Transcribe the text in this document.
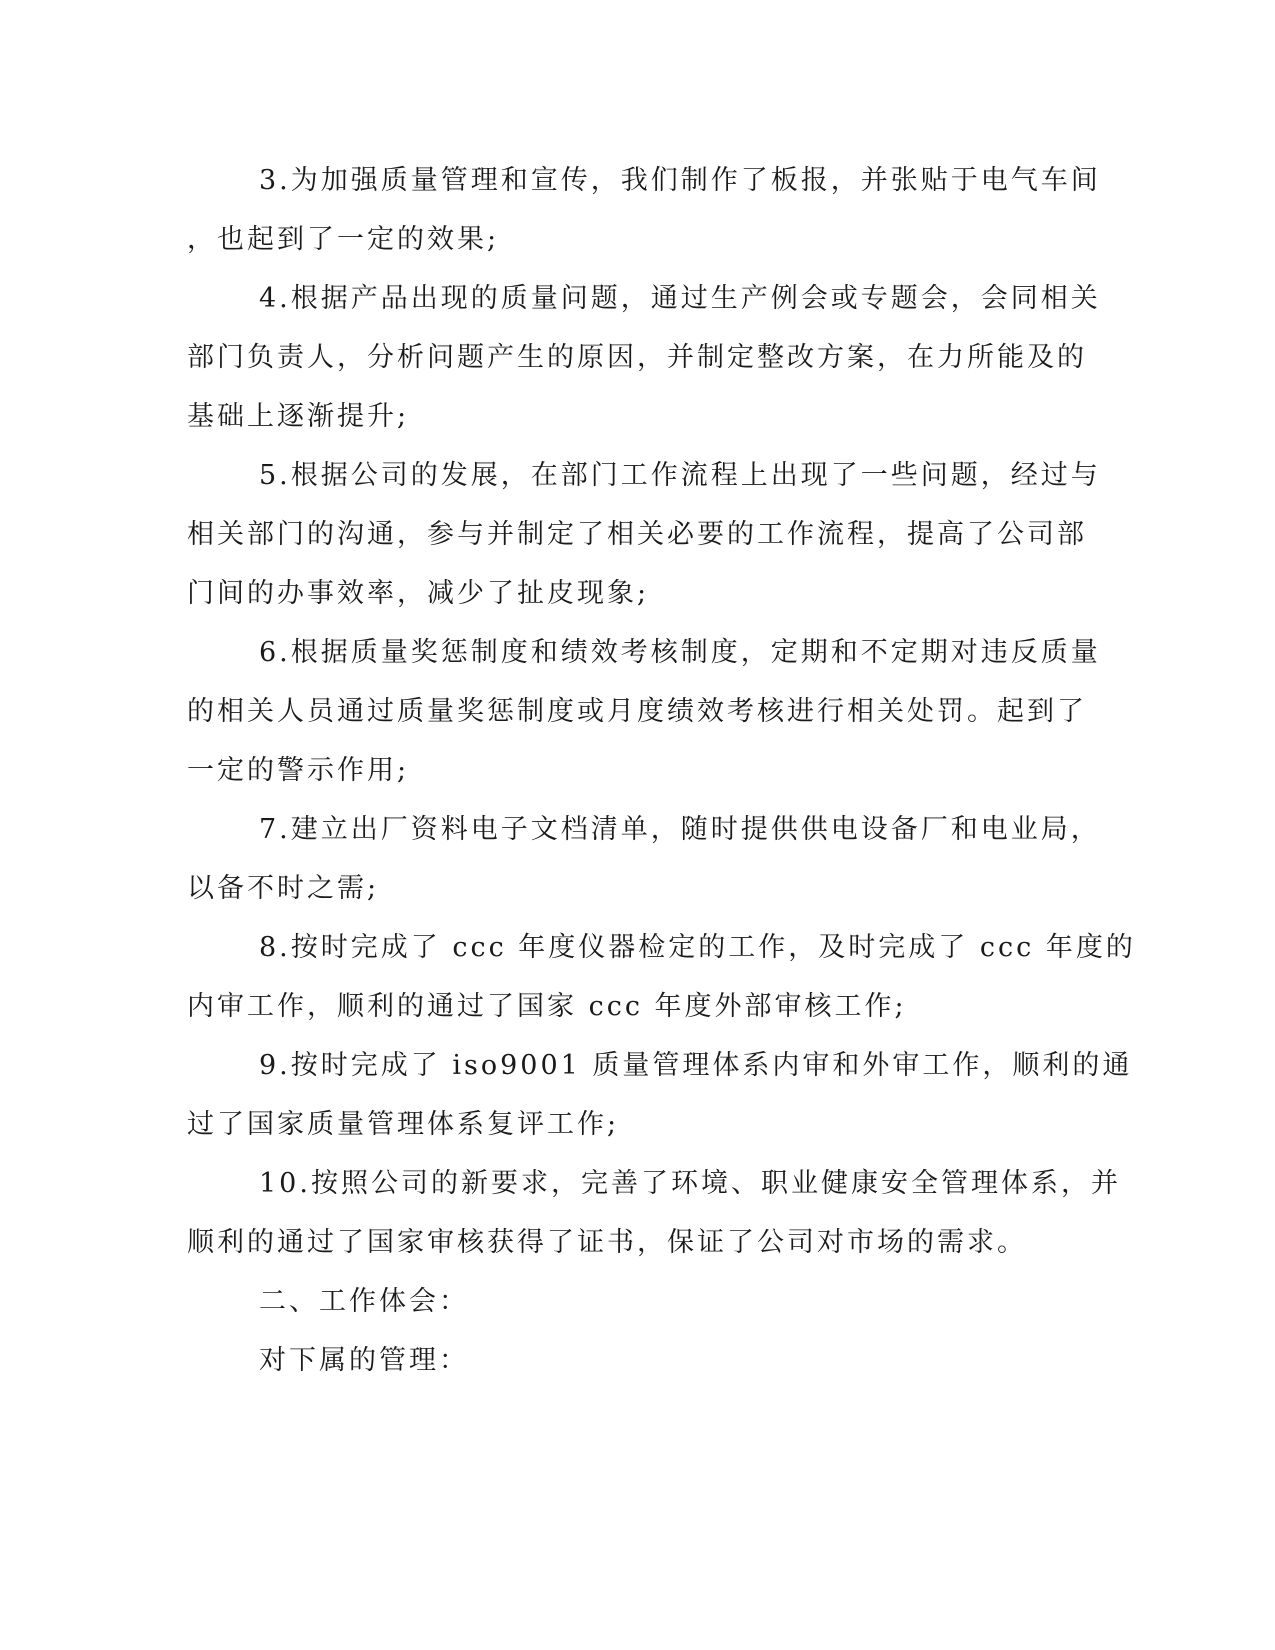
3.为加强质量管理和宣传，我们制作了板报，并张贴于电气车间
，也起到了一定的效果;
4.根据产品出现的质量问题，通过生产例会或专题会，会同相关
部门负责人，分析问题产生的原因，并制定整改方案，在力所能及的
基础上逐渐提升;
5.根据公司的发展，在部门工作流程上出现了一些问题，经过与
相关部门的沟通，参与并制定了相关必要的工作流程，提高了公司部
门间的办事效率，减少了扯皮现象;
6.根据质量奖惩制度和绩效考核制度，定期和不定期对违反质量
的相关人员通过质量奖惩制度或月度绩效考核进行相关处罚。起到了
一定的警示作用;
7.建立出厂资料电子文档清单，随时提供供电设备厂和电业局，
以备不时之需;
8.按时完成了 ccc 年度仪器检定的工作，及时完成了 ccc 年度的
内审工作，顺利的通过了国家 ccc 年度外部审核工作;
9.按时完成了 iso9001 质量管理体系内审和外审工作，顺利的通
过了国家质量管理体系复评工作;
10.按照公司的新要求，完善了环境、职业健康安全管理体系，并
顺利的通过了国家审核获得了证书，保证了公司对市场的需求。
二、工作体会：
对下属的管理：
